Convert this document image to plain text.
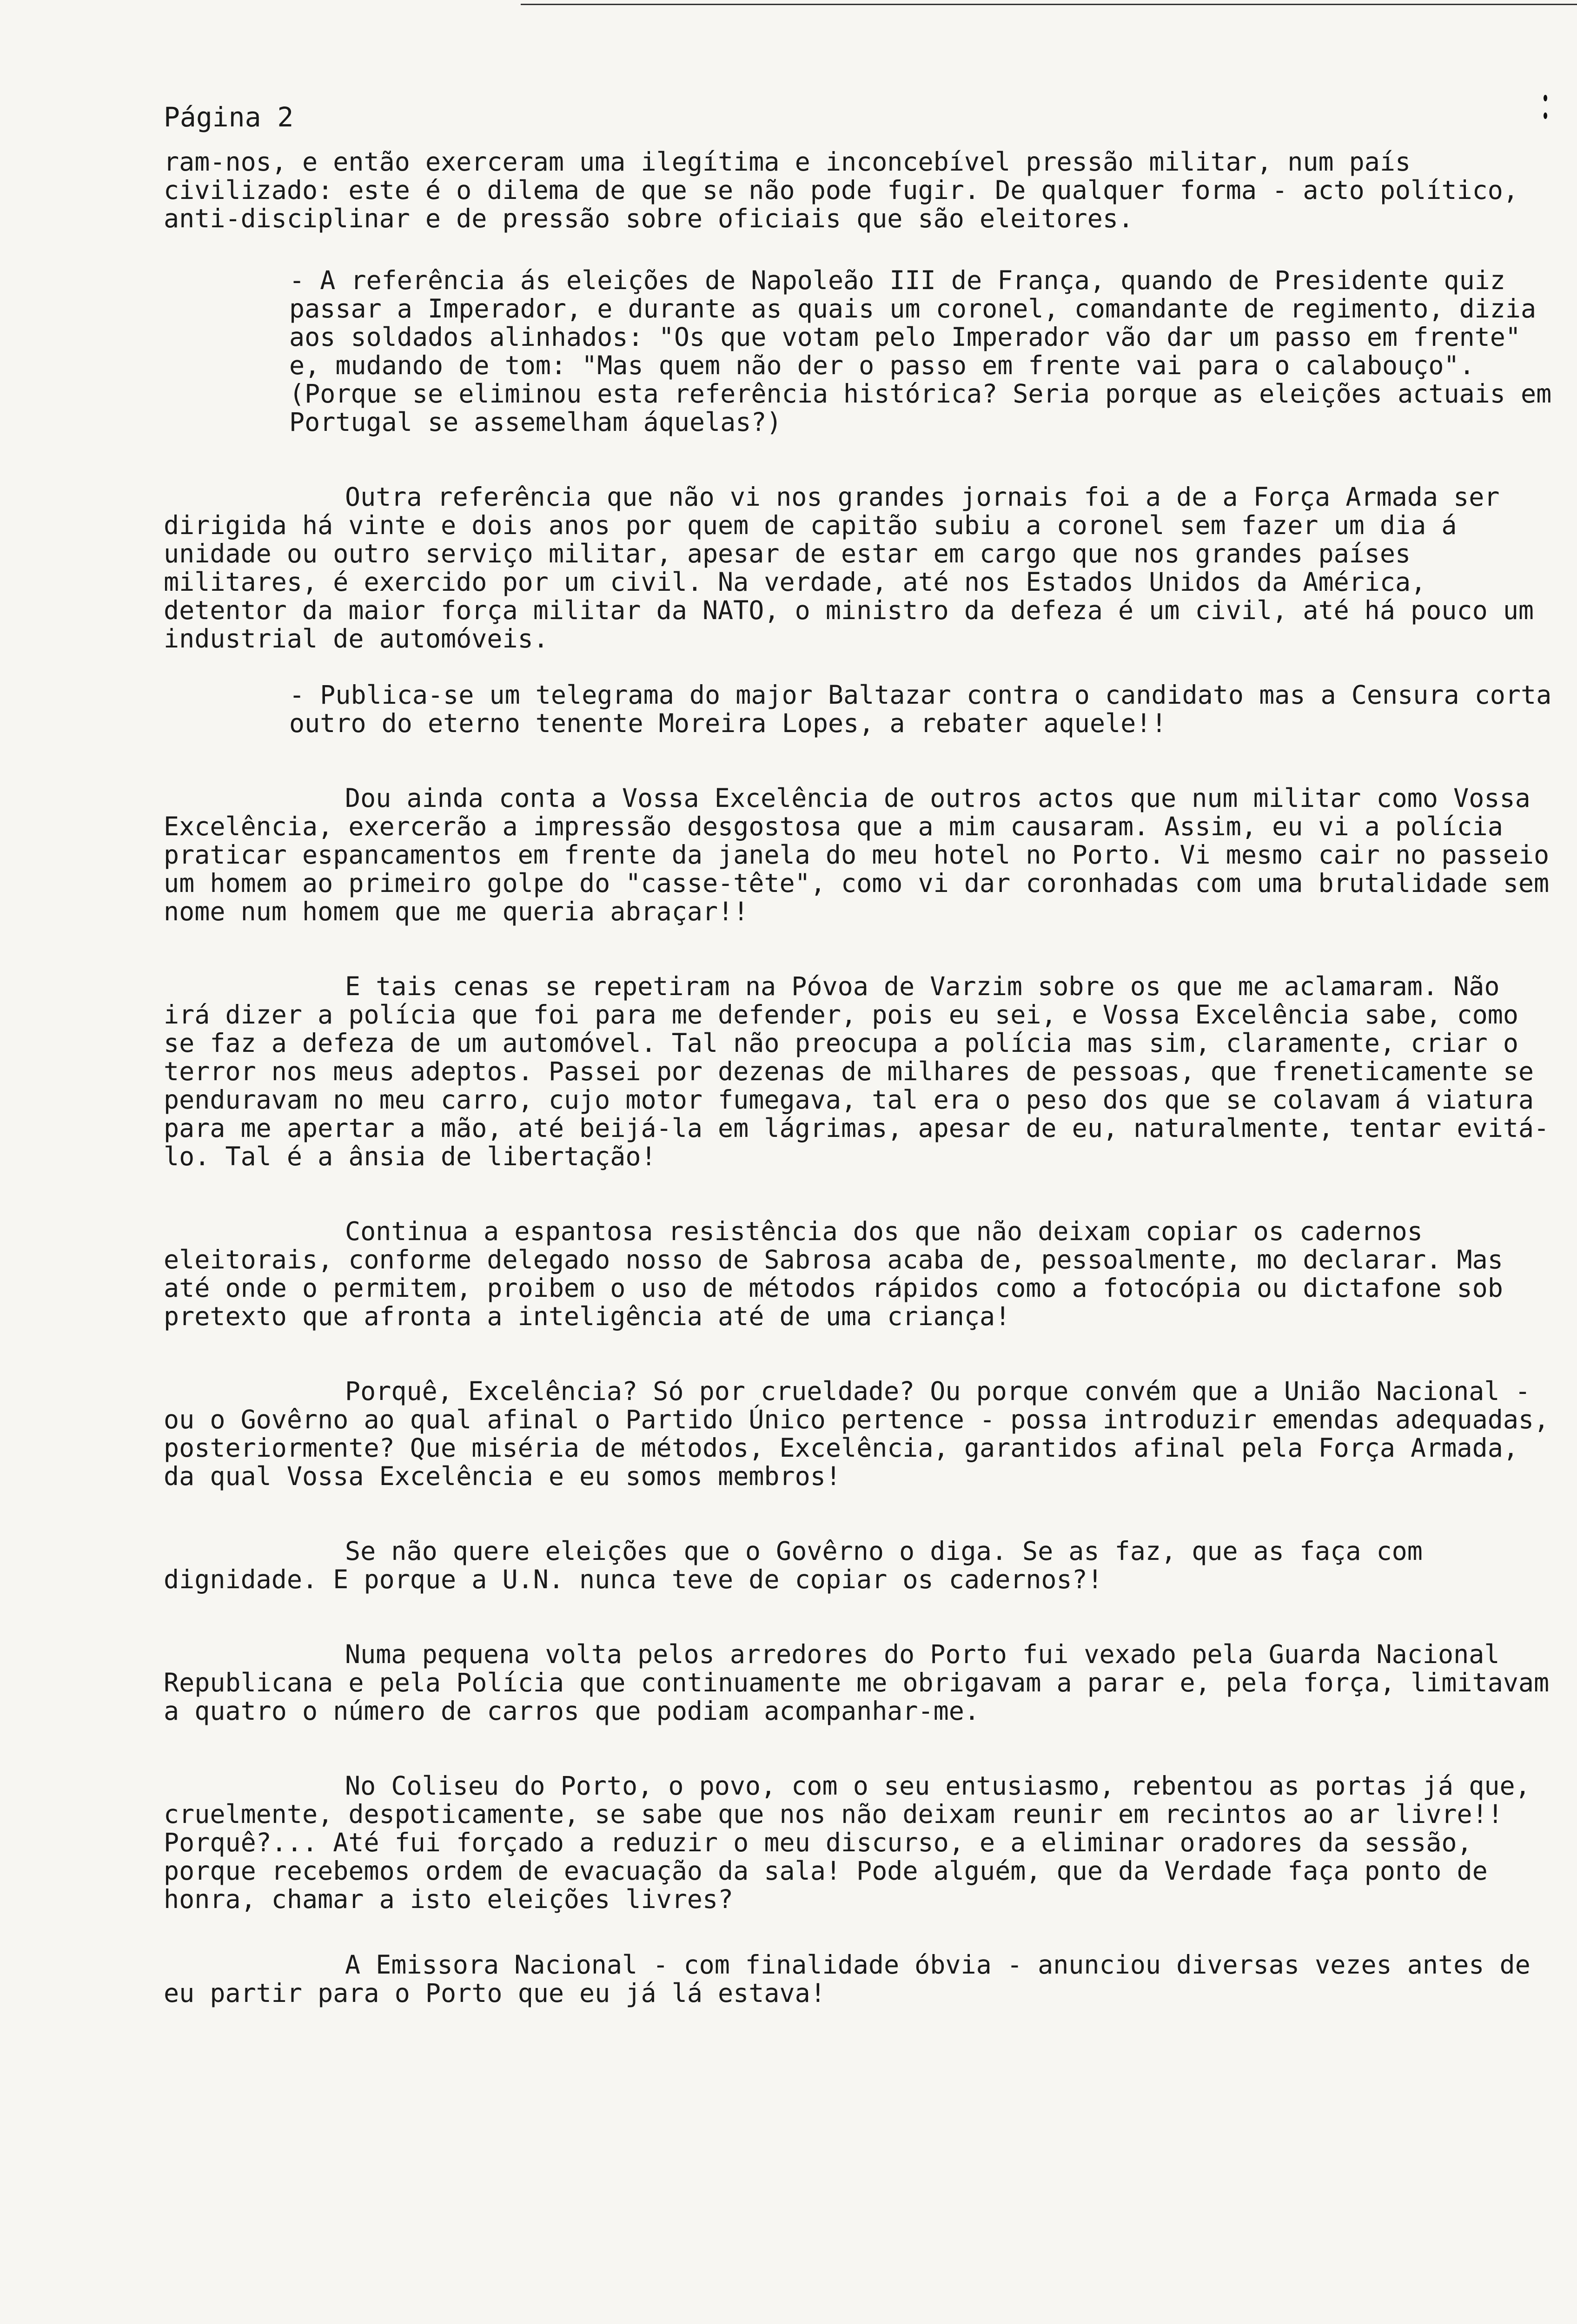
Página 2

ram-nos, e então exerceram uma ilegítima e inconcebível pressão militar, num país civilizado: este é o dilema de que se não pode fugir. De qualquer forma - acto político, anti-disciplinar e de pressão sobre oficiais que são eleitores.

- A referência ás eleições de Napoleão III de França, quando de Presidente quiz passar a Imperador, e durante as quais um coronel, comandante de regimento, dizia aos soldados alinhados: "Os que votam pelo Imperador vão dar um passo em frente" e, mudando de tom: "Mas quem não der o passo em frente vai para o calabouço".

(Porque se eliminou esta referência histórica? Seria porque as eleições actuais em Portugal se assemelham áquelas?)

Outra referência que não vi nos grandes jornais foi a de a Força Armada ser dirigida há vinte e dois anos por quem de capitão subiu a coronel sem fazer um dia á unidade ou outro serviço militar, apesar de estar em cargo que nos grandes países militares, é exercido por um civil. Na verdade, até nos Estados Unidos da América, detentor da maior força militar da NATO, o ministro da defeza é um civil, até há pouco um industrial de automóveis.

- Publica-se um telegrama do major Baltazar contra o candidato mas a Censura corta outro do eterno tenente Moreira Lopes, a rebater aquele!!

Dou ainda conta a Vossa Excelência de outros actos que num militar como Vossa Excelência, exercerão a impressão desgostosa que a mim causaram. Assim, eu vi a polícia praticar espancamentos em frente da janela do meu hotel no Porto. Vi mesmo cair no passeio um homem ao primeiro golpe do "casse-tête", como vi dar coronhadas com uma brutalidade sem nome num homem que me queria abraçar!!

E tais cenas se repetiram na Póvoa de Varzim sobre os que me aclamaram. Não irá dizer a polícia que foi para me defender, pois eu sei, e Vossa Excelência sabe, como se faz a defeza de um automóvel. Tal não preocupa a polícia mas sim, claramente, criar o terror nos meus adeptos. Passei por dezenas de milhares de pessoas, que freneticamente se penduravam no meu carro, cujo motor fumegava, tal era o peso dos que se colavam á viatura para me apertar a mão, até beijá-la em lágrimas, apesar de eu, naturalmente, tentar evitá-lo. Tal é a ânsia de libertação!

Continua a espantosa resistência dos que não deixam copiar os cadernos eleitorais, conforme delegado nosso de Sabrosa acaba de, pessoalmente, mo declarar. Mas até onde o permitem, proibem o uso de métodos rápidos como a fotocópia ou dictafone sob pretexto que afronta a inteligência até de uma criança!

Porquê, Excelência? Só por crueldade? Ou porque convém que a União Nacional - ou o Govêrno ao qual afinal o Partido Único pertence - possa introduzir emendas adequadas, posteriormente? Que miséria de métodos, Excelência, garantidos afinal pela Força Armada, da qual Vossa Excelência e eu somos membros!

Se não quere eleições que o Govêrno o diga. Se as faz, que as faça com dignidade. E porque a U.N. nunca teve de copiar os cadernos?!

Numa pequena volta pelos arredores do Porto fui vexado pela Guarda Nacional Republicana e pela Polícia que continuamente me obrigavam a parar e, pela força, limitavam a quatro o número de carros que podiam acompanhar-me.

No Coliseu do Porto, o povo, com o seu entusiasmo, rebentou as portas já que, cruelmente, despoticamente, se sabe que nos não deixam reunir em recintos ao ar livre!! Porquê?... Até fui forçado a reduzir o meu discurso, e a eliminar oradores da sessão, porque recebemos ordem de evacuação da sala! Pode alguém, que da Verdade faça ponto de honra, chamar a isto eleições livres?

A Emissora Nacional - com finalidade óbvia - anunciou diversas vezes antes de eu partir para o Porto que eu já lá estava!
